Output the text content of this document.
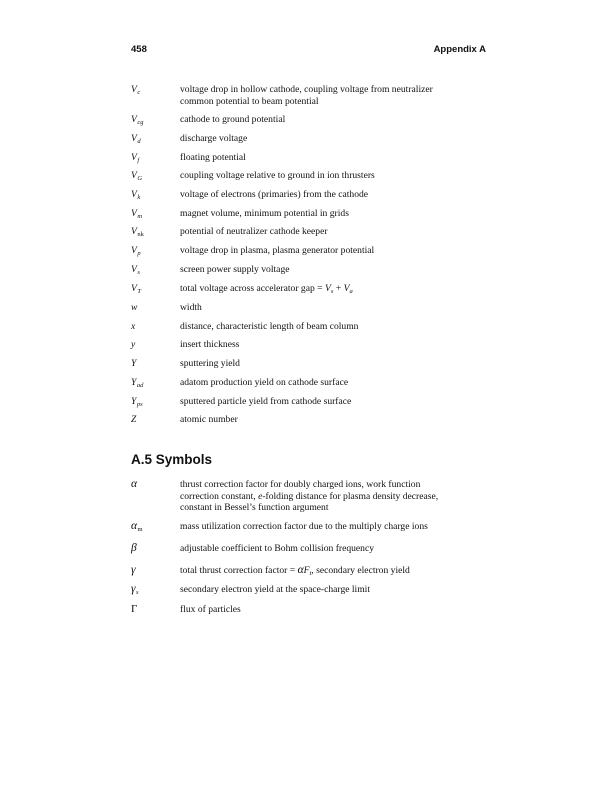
458	Appendix A
$V_c$	voltage drop in hollow cathode, coupling voltage from neutralizer
common potential to beam potential
$V_{cg}$	cathode to ground potential
$V_d$	discharge voltage
$V_f$	floating potential
$V_G$	coupling voltage relative to ground in ion thrusters
$V_k$	voltage of electrons (primaries) from the cathode
$V_m$	magnet volume, minimum potential in grids
$V_{nk}$	potential of neutralizer cathode keeper
$V_p$	voltage drop in plasma, plasma generator potential
$V_s$	screen power supply voltage
$V_T$	total voltage across accelerator gap = $V_s + V_a$
w	width
x	distance, characteristic length of beam column
y	insert thickness
Y	sputtering yield
$Y_{ad}$	adatom production yield on cathode surface
$Y_{ps}$	sputtered particle yield from cathode surface
Z	atomic number
A.5 Symbols
α	thrust correction factor for doubly charged ions, work function
correction constant, e-folding distance for plasma density decrease,
constant in Bessel’s function argument
$\alpha_m$	mass utilization correction factor due to the multiply charge ions
β	adjustable coefficient to Bohm collision frequency
γ	total thrust correction factor = $\alpha F_t$, secondary electron yield
$\gamma_s$	secondary electron yield at the space-charge limit
Γ	flux of particles
